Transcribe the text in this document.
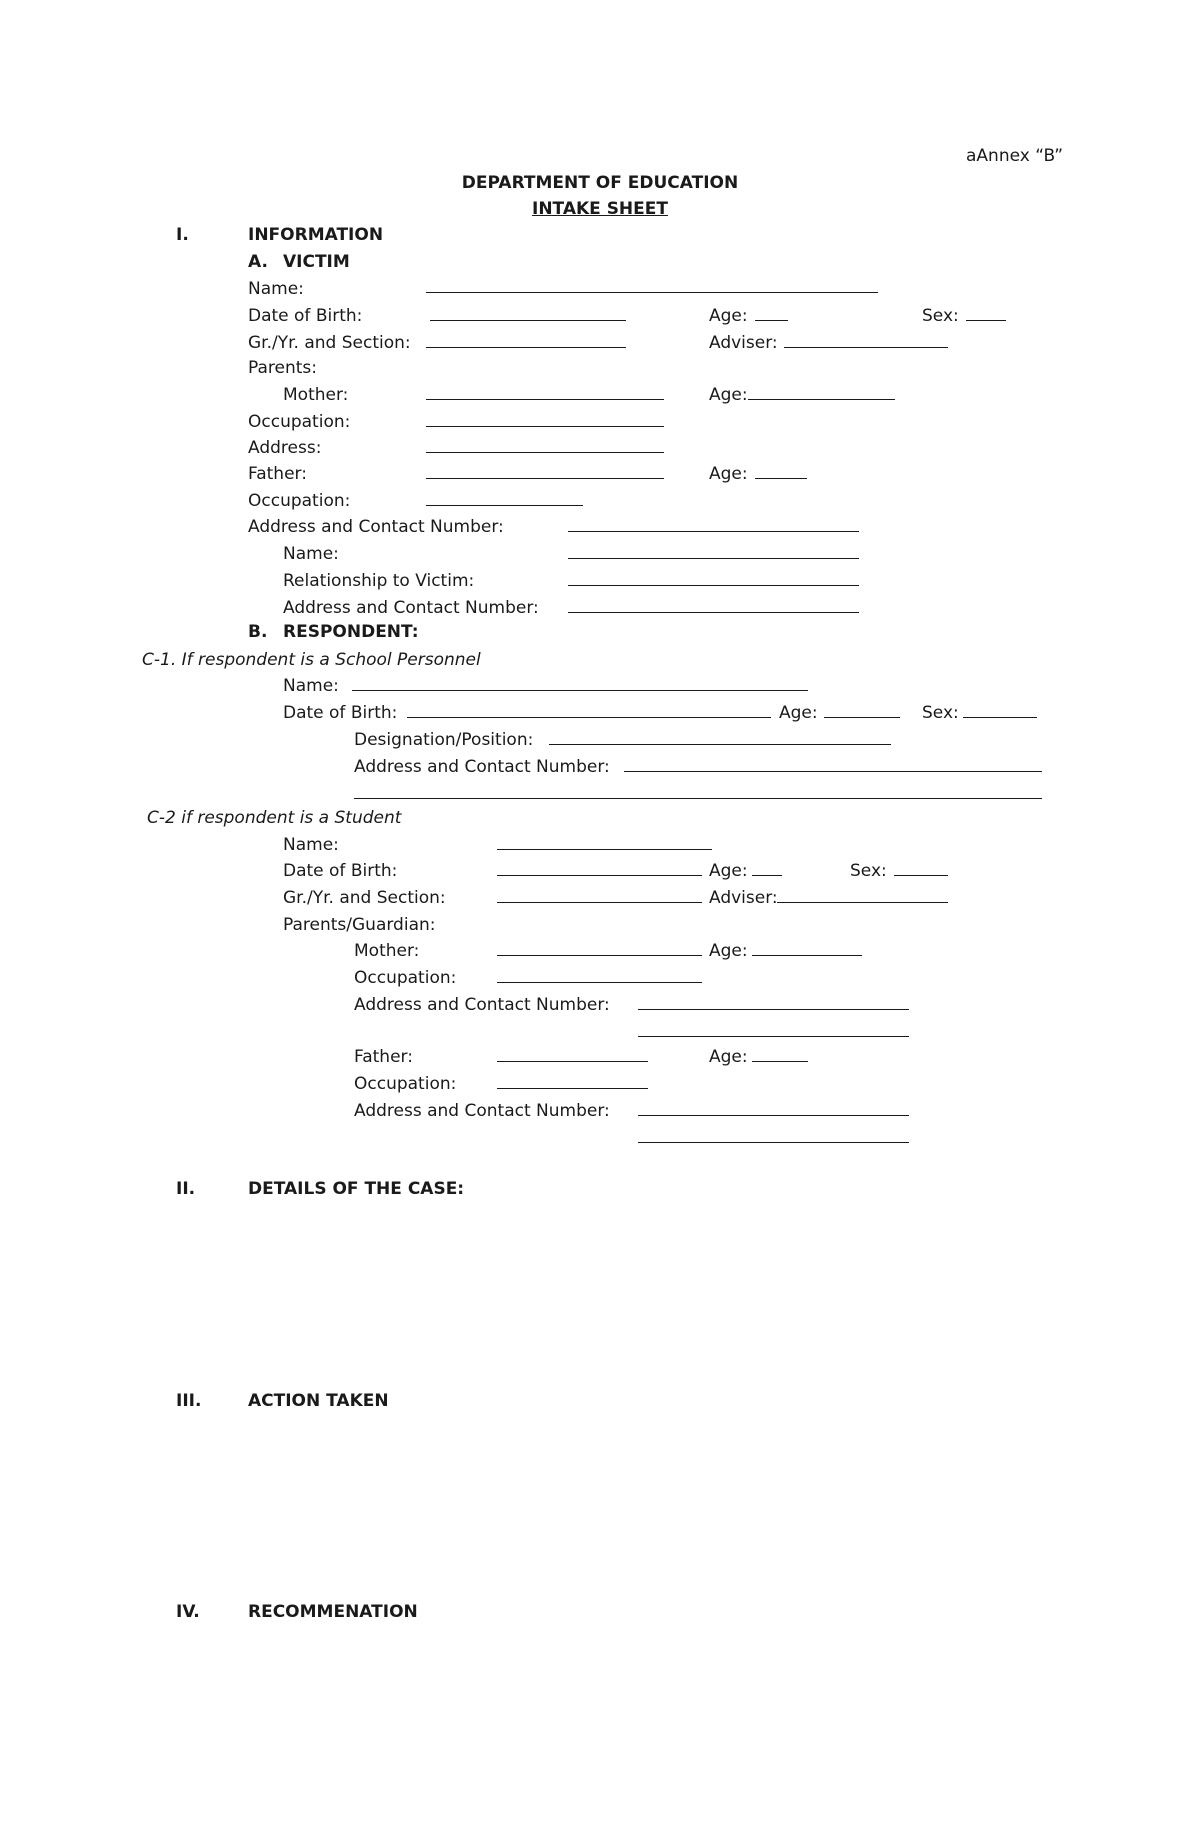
aAnnex “B”
DEPARTMENT OF EDUCATION
INTAKE SHEET
I.	INFORMATION
A. VICTIM
Name:
Date of Birth:	Age:	Sex:
Gr./Yr. and Section:	Adviser:
Parents:
Mother:	Age:
Occupation:
Address:
Father:	Age:
Occupation:
Address and Contact Number:
Name:
Relationship to Victim:
Address and Contact Number:
B. RESPONDENT:
C-1. If respondent is a School Personnel
Name:
Date of Birth:	Age:	Sex:
Designation/Position:
Address and Contact Number:
C-2 if respondent is a Student
Name:
Date of Birth:	Age:	Sex:
Gr./Yr. and Section:	Adviser:
Parents/Guardian:
Mother:	Age:
Occupation:
Address and Contact Number:
Father:	Age:
Occupation:
Address and Contact Number:
II.	DETAILS OF THE CASE:
III.	ACTION TAKEN
IV.	RECOMMENATION
